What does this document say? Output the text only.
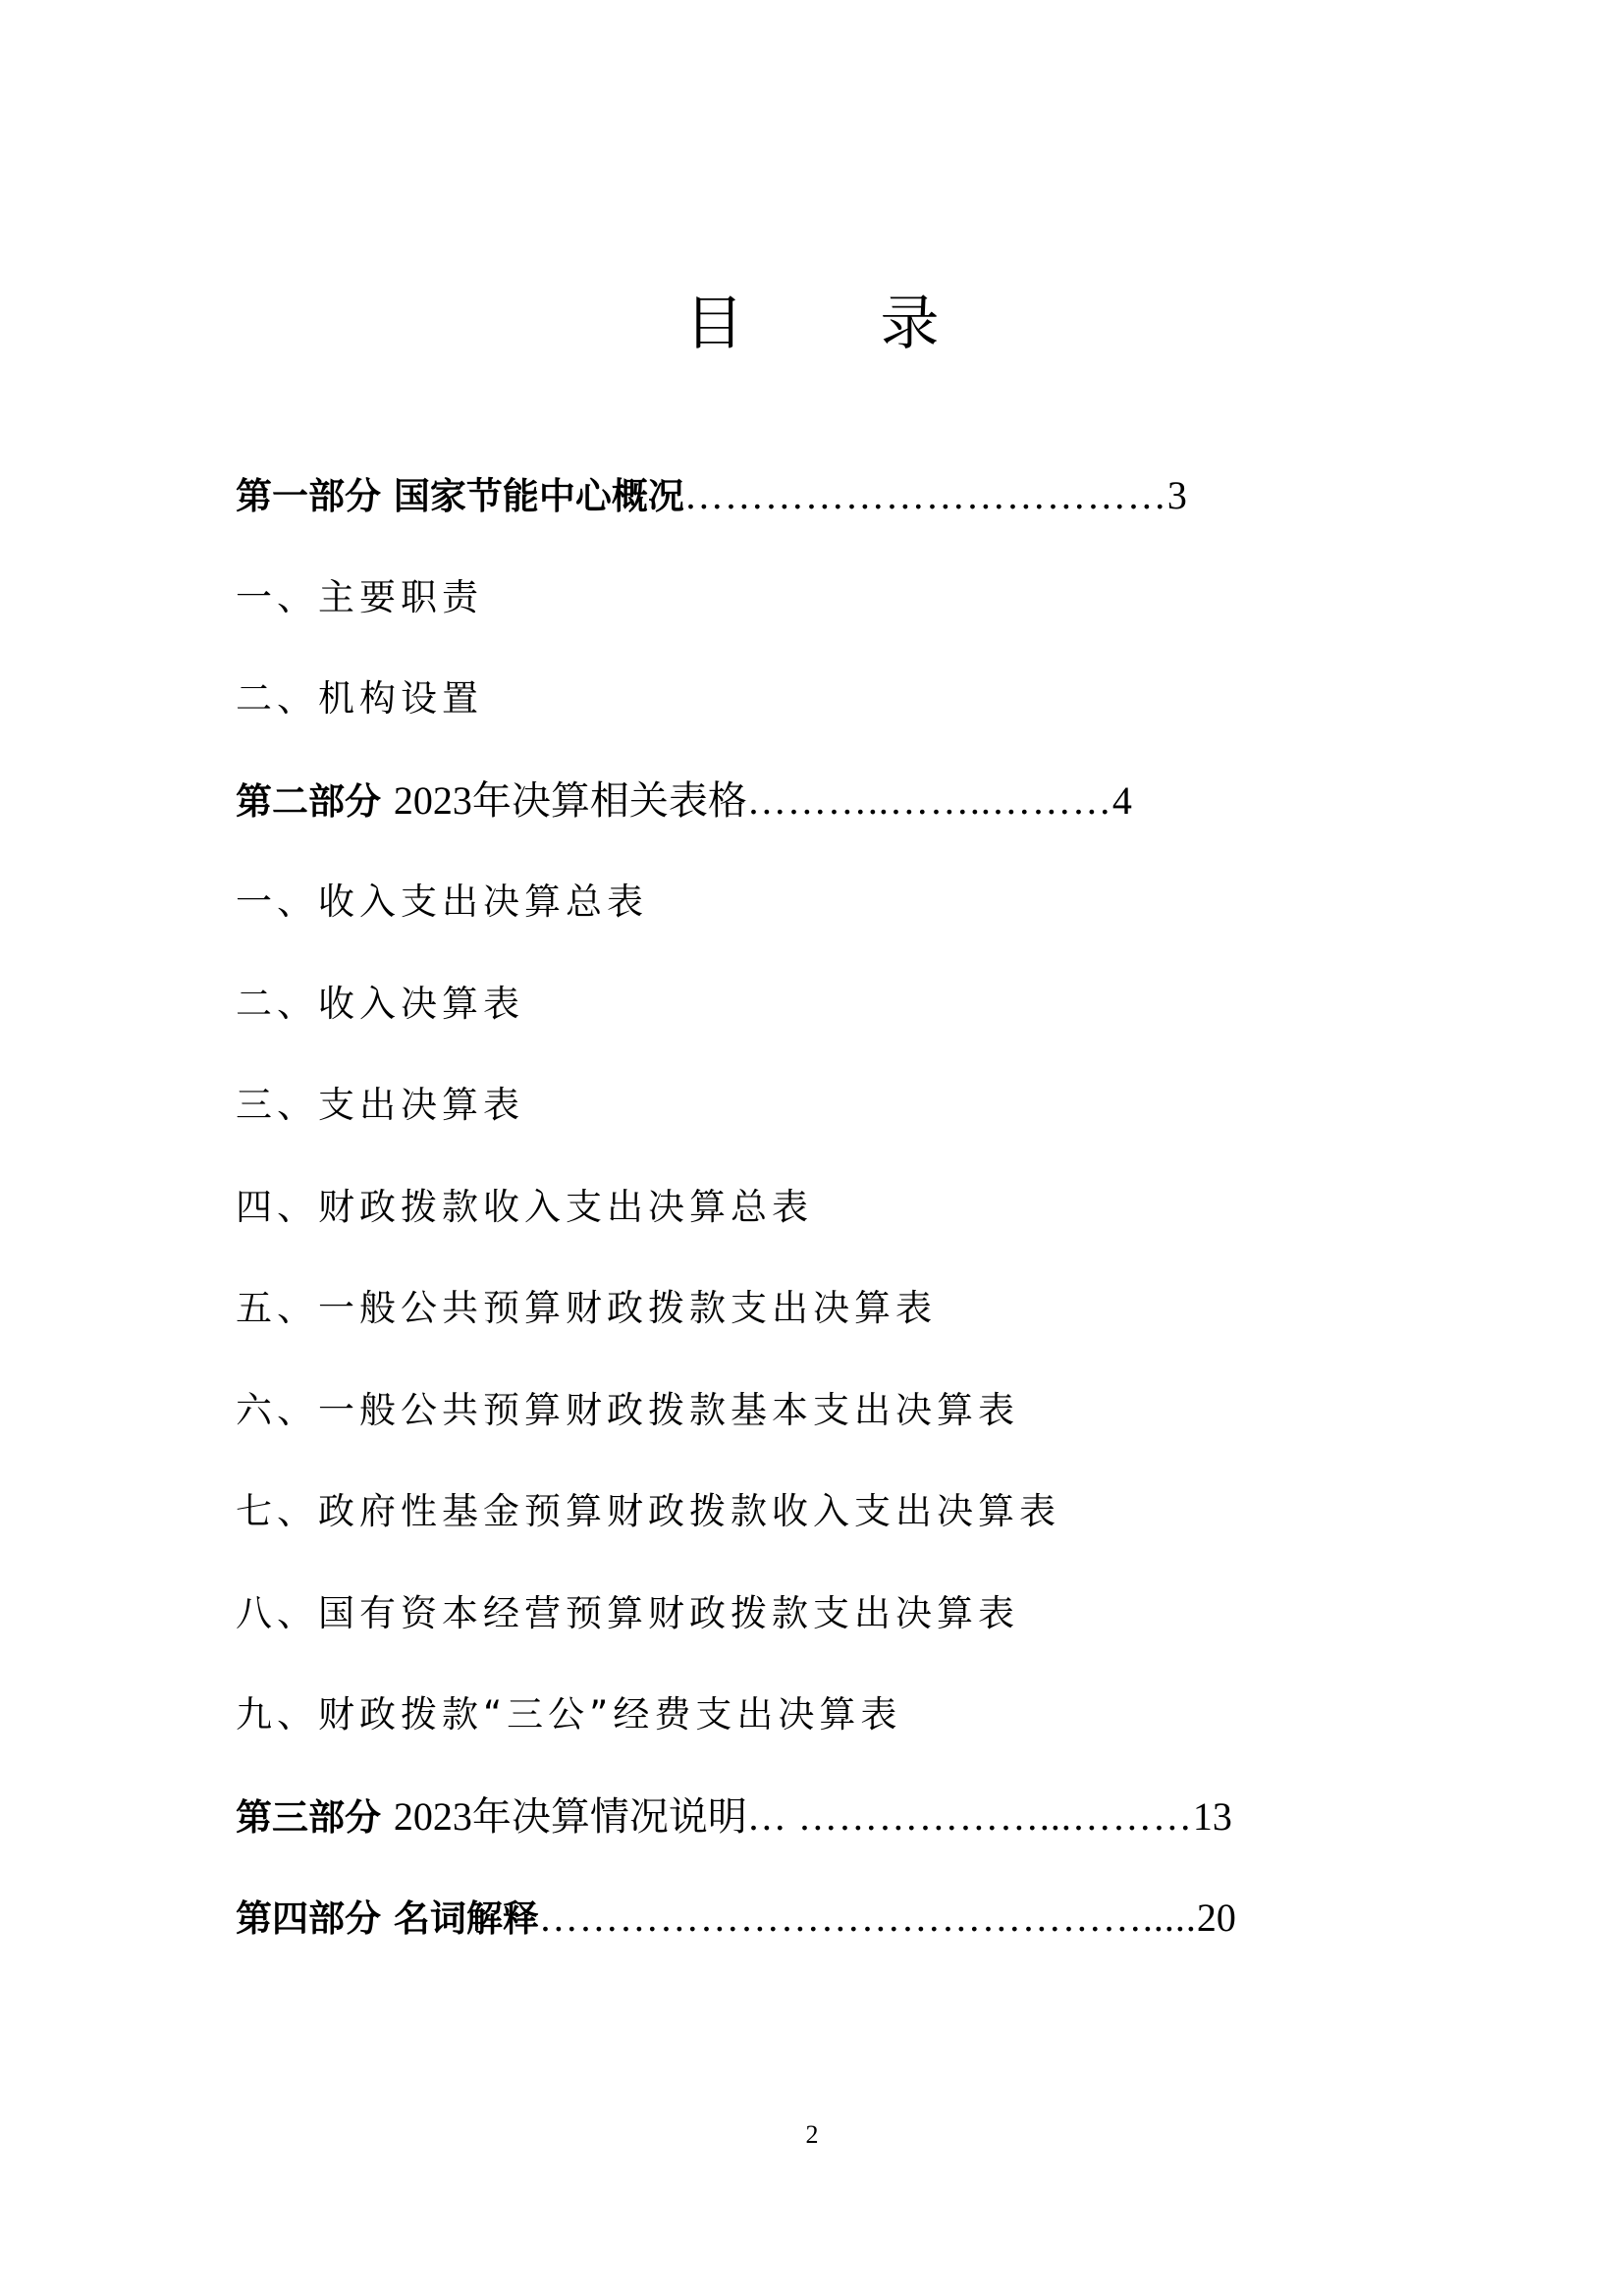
目 录
第一部分 国家节能中心概况………………………………3
一、主要职责
二、机构设置
第二部分 2023年决算相关表格………..……..………4
一、收入支出决算总表
二、收入决算表
三、支出决算表
四、财政拨款收入支出决算总表
五、一般公共预算财政拨款支出决算表
六、一般公共预算财政拨款基本支出决算表
七、政府性基金预算财政拨款收入支出决算表
八、国有资本经营预算财政拨款支出决算表
九、财政拨款“三公”经费支出决算表
第三部分 2023年决算情况说明… ………………...………13
第四部分 名词解释……………………………………….....20
2
